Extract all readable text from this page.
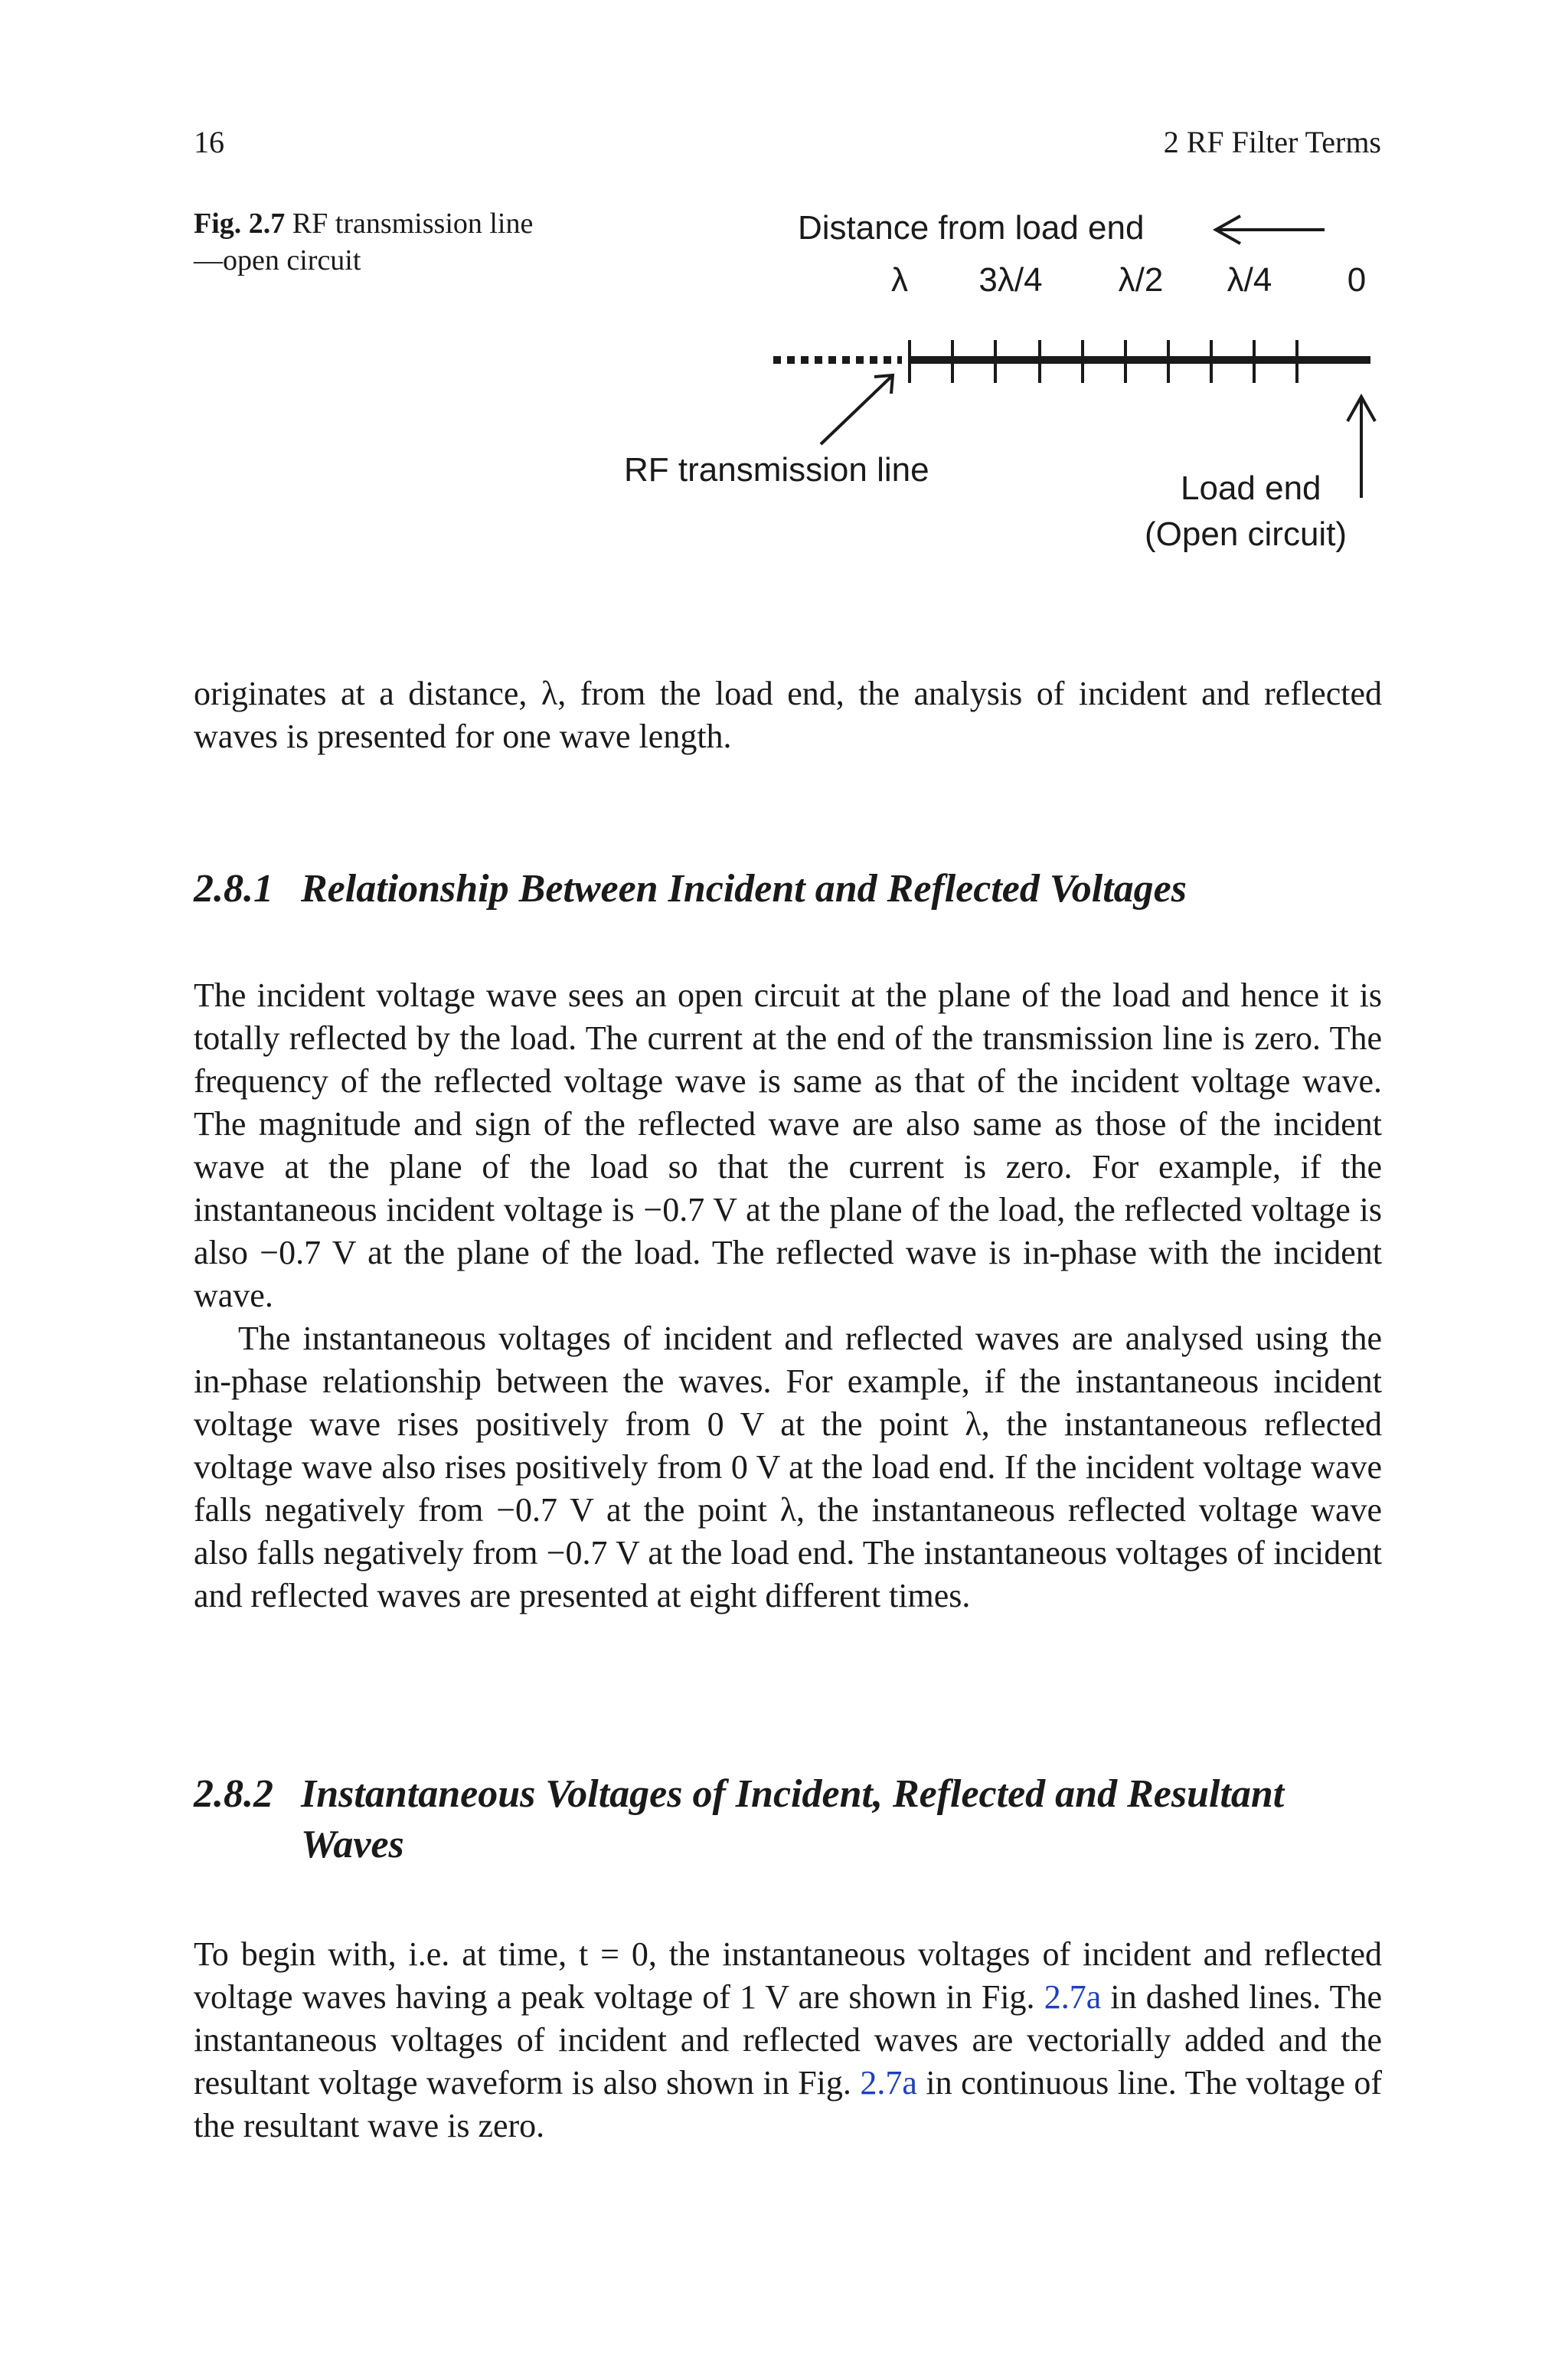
16	2 RF Filter Terms
Fig. 2.7 RF transmission line—open circuit
Distance from load end
λ 3λ/4 λ/2 λ/4 0
RF transmission line	Load end
(Open circuit)

originates at a distance, λ, from the load end, the analysis of incident and reflected waves is presented for one wave length.

2.8.1 Relationship Between Incident and Reflected Voltages

The incident voltage wave sees an open circuit at the plane of the load and hence it is totally reflected by the load. The current at the end of the transmission line is zero. The frequency of the reflected voltage wave is same as that of the incident voltage wave. The magnitude and sign of the reflected wave are also same as those of the incident wave at the plane of the load so that the current is zero. For example, if the instantaneous incident voltage is −0.7 V at the plane of the load, the reflected voltage is also −0.7 V at the plane of the load. The reflected wave is in-phase with the incident wave.

The instantaneous voltages of incident and reflected waves are analysed using the in-phase relationship between the waves. For example, if the instantaneous incident voltage wave rises positively from 0 V at the point λ, the instantaneous reflected voltage wave also rises positively from 0 V at the load end. If the incident voltage wave falls negatively from −0.7 V at the point λ, the instantaneous reflected voltage wave also falls negatively from −0.7 V at the load end. The instantaneous voltages of incident and reflected waves are presented at eight different times.

2.8.2 Instantaneous Voltages of Incident, Reflected and Resultant
Waves

To begin with, i.e. at time, t = 0, the instantaneous voltages of incident and reflected voltage waves having a peak voltage of 1 V are shown in Fig. 2.7a in dashed lines. The instantaneous voltages of incident and reflected waves are vectorially added and the resultant voltage waveform is also shown in Fig. 2.7a in continuous line. The voltage of the resultant wave is zero.
